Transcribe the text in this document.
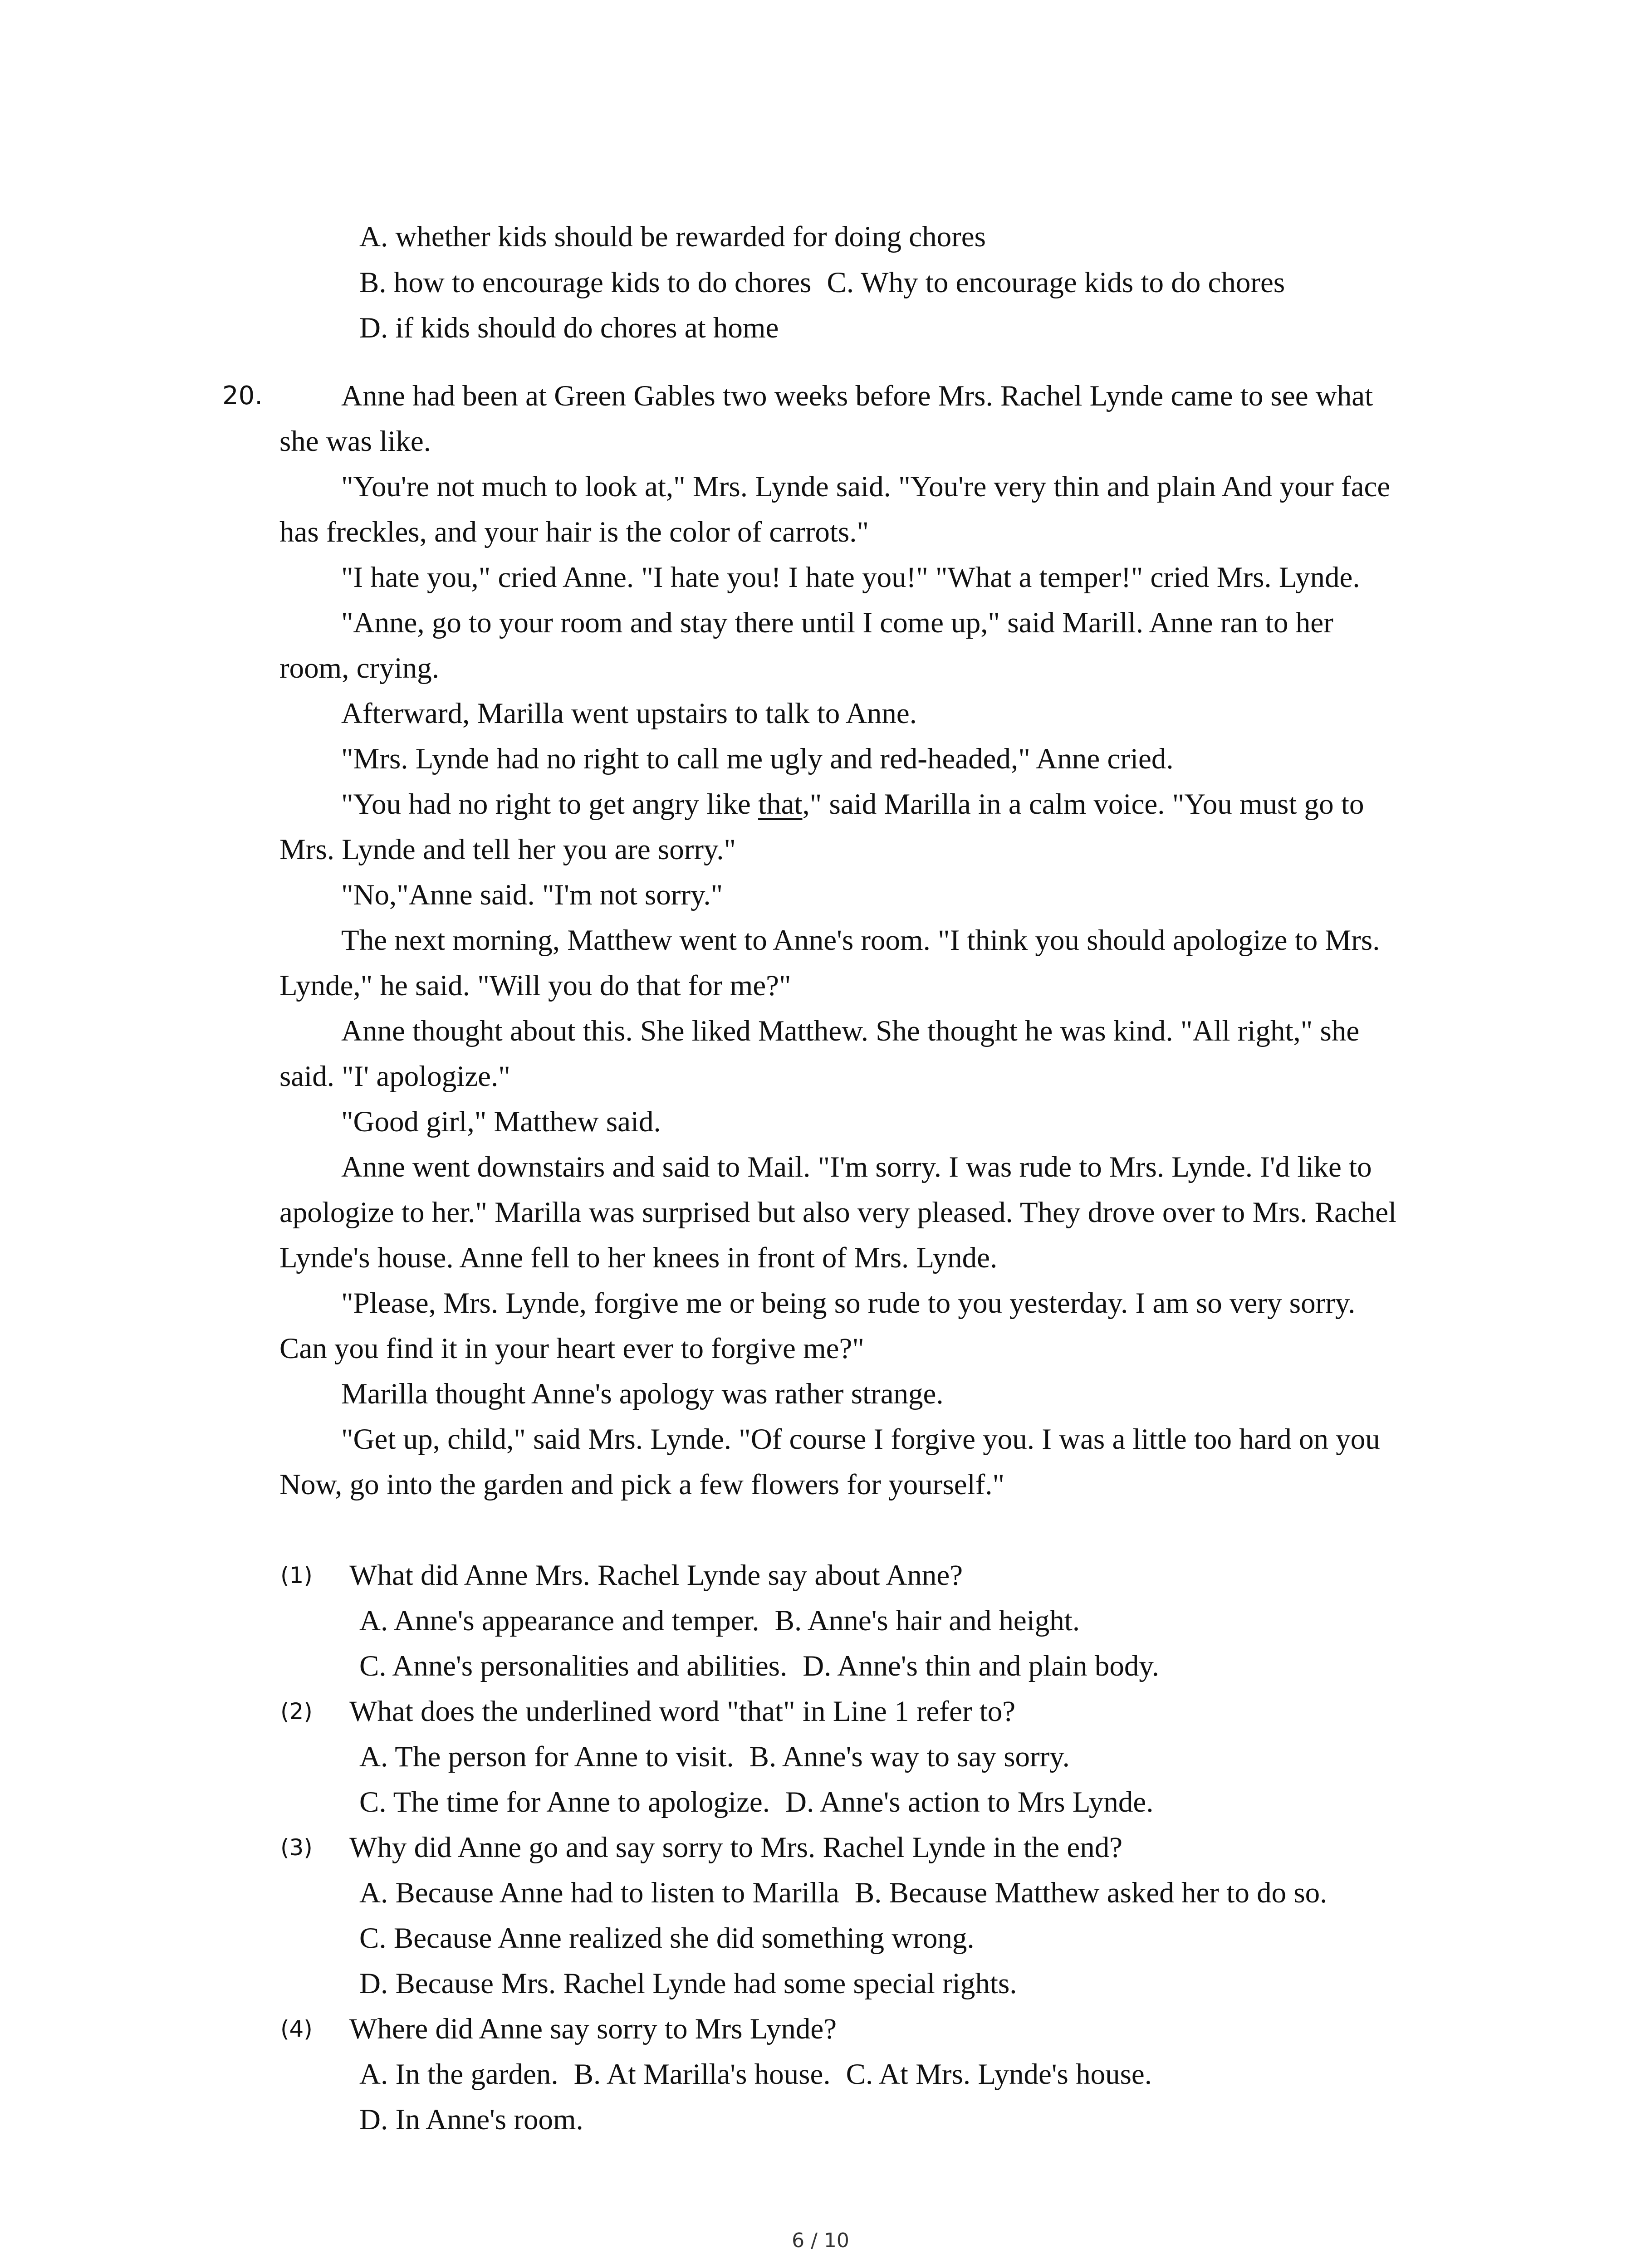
A. whether kids should be rewarded for doing chores

B. how to encourage kids to do chores C. Why to encourage kids to do chores

D. if kids should do chores at home

20.	Anne had been at Green Gables two weeks before Mrs. Rachel Lynde came to see what

she was like.

"You're not much to look at," Mrs. Lynde said. "You're very thin and plain And your face

has freckles, and your hair is the color of carrots."

"I hate you," cried Anne. "I hate you! I hate you!" "What a temper!" cried Mrs. Lynde.

"Anne, go to your room and stay there until I come up," said Marill. Anne ran to her

room, crying.

Afterward, Marilla went upstairs to talk to Anne.

"Mrs. Lynde had no right to call me ugly and red-headed," Anne cried.

"You had no right to get angry like that," said Marilla in a calm voice. "You must go to

Mrs. Lynde and tell her you are sorry."

"No,"Anne said. "I'm not sorry."

The next morning, Matthew went to Anne's room. "I think you should apologize to Mrs.

Lynde," he said. "Will you do that for me?"

Anne thought about this. She liked Matthew. She thought he was kind. "All right," she

said. "I' apologize."

"Good girl," Matthew said.

Anne went downstairs and said to Mail. "I'm sorry. I was rude to Mrs. Lynde. I'd like to

apologize to her." Marilla was surprised but also very pleased. They drove over to Mrs. Rachel

Lynde's house. Anne fell to her knees in front of Mrs. Lynde.

"Please, Mrs. Lynde, forgive me or being so rude to you yesterday. I am so very sorry.

Can you find it in your heart ever to forgive me?"

Marilla thought Anne's apology was rather strange.

"Get up, child," said Mrs. Lynde. "Of course I forgive you. I was a little too hard on you

Now, go into the garden and pick a few flowers for yourself."

(1) What did Anne Mrs. Rachel Lynde say about Anne?

A. Anne's appearance and temper. B. Anne's hair and height.

C. Anne's personalities and abilities. D. Anne's thin and plain body.

(2) What does the underlined word "that" in Line 1 refer to?

A. The person for Anne to visit. B. Anne's way to say sorry.

C. The time for Anne to apologize. D. Anne's action to Mrs Lynde.

(3) Why did Anne go and say sorry to Mrs. Rachel Lynde in the end?

A. Because Anne had to listen to Marilla B. Because Matthew asked her to do so.

C. Because Anne realized she did something wrong.

D. Because Mrs. Rachel Lynde had some special rights.

(4) Where did Anne say sorry to Mrs Lynde?

A. In the garden. B. At Marilla's house. C. At Mrs. Lynde's house.

D. In Anne's room.

6 / 10
